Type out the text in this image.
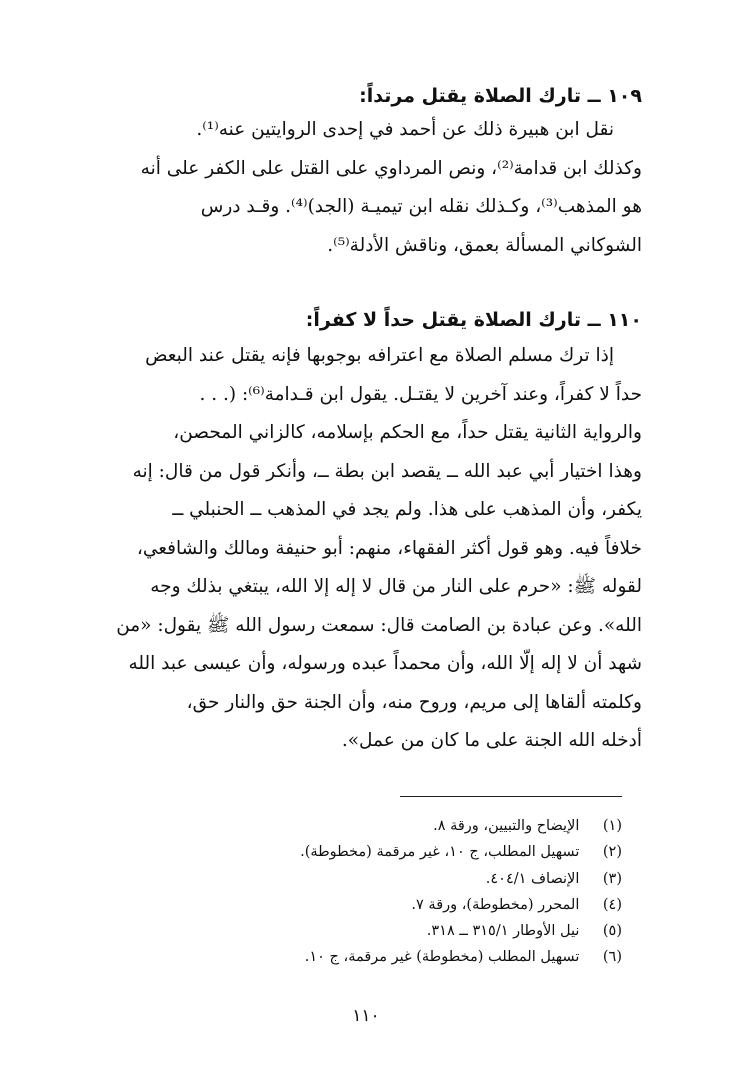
١٠٩ ــ تارك الصلاة يقتل مرتداً:
نقل ابن هبيرة ذلك عن أحمد في إحدى الروايتين عنه⁽¹⁾.
وكذلك ابن قدامة⁽²⁾، ونص المرداوي على القتل على الكفر على أنه
هو المذهب⁽³⁾، وكـذلك نقله ابن تيميـة (الجد)⁽⁴⁾. وقـد درس
الشوكاني المسألة بعمق، وناقش الأدلة⁽⁵⁾.
١١٠ ــ تارك الصلاة يقتل حداً لا كفراً:
إذا ترك مسلم الصلاة مع اعترافه بوجوبها فإنه يقتل عند البعض
حداً لا كفراً، وعند آخرين لا يقتـل. يقول ابن قـدامة⁽⁶⁾: (. . .
والرواية الثانية يقتل حداً، مع الحكم بإسلامه، كالزاني المحصن،
وهذا اختيار أبي عبد الله ــ يقصد ابن بطة ــ، وأنكر قول من قال: إنه
يكفر، وأن المذهب على هذا. ولم يجد في المذهب ــ الحنبلي ــ
خلافاً فيه. وهو قول أكثر الفقهاء، منهم: أبو حنيفة ومالك والشافعي،
لقوله ﷺ: «حرم على النار من قال لا إله إلا الله، يبتغي بذلك وجه
الله». وعن عبادة بن الصامت قال: سمعت رسول الله ﷺ يقول: «من
شهد أن لا إله إلّا الله، وأن محمداً عبده ورسوله، وأن عيسى عبد الله
وكلمته ألقاها إلى مريم، وروح منه، وأن الجنة حق والنار حق،
أدخله الله الجنة على ما كان من عمل».
(١) الإيضاح والتبيين، ورقة ٨.
(٢) تسهيل المطلب، ج ١٠، غير مرقمة (مخطوطة).
(٣) الإنصاف ٤٠٤/١.
(٤) المحرر (مخطوطة)، ورقة ٧.
(٥) نيل الأوطار ٣١٥/١ ــ ٣١٨.
(٦) تسهيل المطلب (مخطوطة) غير مرقمة، ج ١٠.
١١٠
